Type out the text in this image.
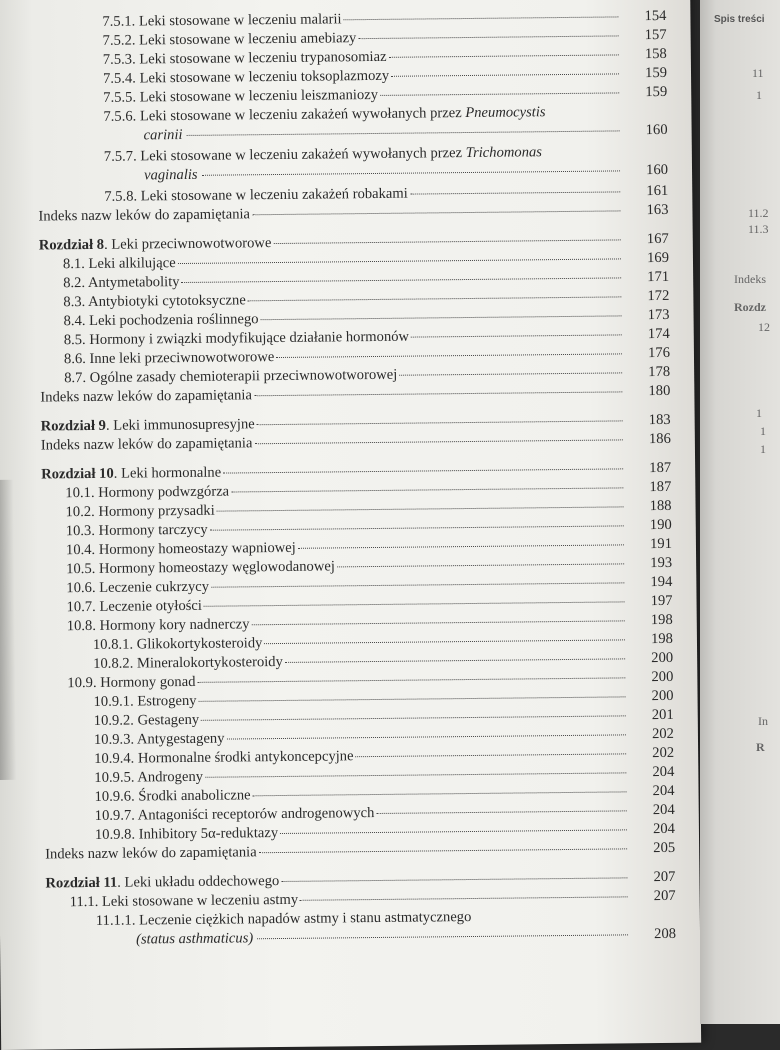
7.5.1. Leki stosowane w leczeniu malarii	154
7.5.2. Leki stosowane w leczeniu amebiazy	157
7.5.3. Leki stosowane w leczeniu trypanosomiaz	158
7.5.4. Leki stosowane w leczeniu toksoplazmozy	159
7.5.5. Leki stosowane w leczeniu leiszmaniozy	159
7.5.6. Leki stosowane w leczeniu zakażeń wywołanych przez Pneumocystis
carinii	160
7.5.7. Leki stosowane w leczeniu zakażeń wywołanych przez Trichomonas
vaginalis	160
7.5.8. Leki stosowane w leczeniu zakażeń robakami	161
Indeks nazw leków do zapamiętania	163
Rozdział 8. Leki przeciwnowotworowe	167
8.1. Leki alkilujące	169
8.2. Antymetabolity	171
8.3. Antybiotyki cytotoksyczne	172
8.4. Leki pochodzenia roślinnego	173
8.5. Hormony i związki modyfikujące działanie hormonów	174
8.6. Inne leki przeciwnowotworowe	176
8.7. Ogólne zasady chemioterapii przeciwnowotworowej	178
Indeks nazw leków do zapamiętania	180
Rozdział 9. Leki immunosupresyjne	183
Indeks nazw leków do zapamiętania	186
Rozdział 10. Leki hormonalne	187
10.1. Hormony podwzgórza	187
10.2. Hormony przysadki	188
10.3. Hormony tarczycy	190
10.4. Hormony homeostazy wapniowej	191
10.5. Hormony homeostazy węglowodanowej	193
10.6. Leczenie cukrzycy	194
10.7. Leczenie otyłości	197
10.8. Hormony kory nadnerczy	198
10.8.1. Glikokortykosteroidy	198
10.8.2. Mineralokortykosteroidy	200
10.9. Hormony gonad	200
10.9.1. Estrogeny	200
10.9.2. Gestageny	201
10.9.3. Antygestageny	202
10.9.4. Hormonalne środki antykoncepcyjne	202
10.9.5. Androgeny	204
10.9.6. Środki anaboliczne	204
10.9.7. Antagoniści receptorów androgenowych	204
10.9.8. Inhibitory 5α-reduktazy	204
Indeks nazw leków do zapamiętania	205
Rozdział 11. Leki układu oddechowego	207
11.1. Leki stosowane w leczeniu astmy	207
11.1.1. Leczenie ciężkich napadów astmy i stanu astmatycznego
(status asthmaticus)	208
Spis treści
11
1
11.2
11.3
Indeks
Rozdz
12
1
1
1
In
R
